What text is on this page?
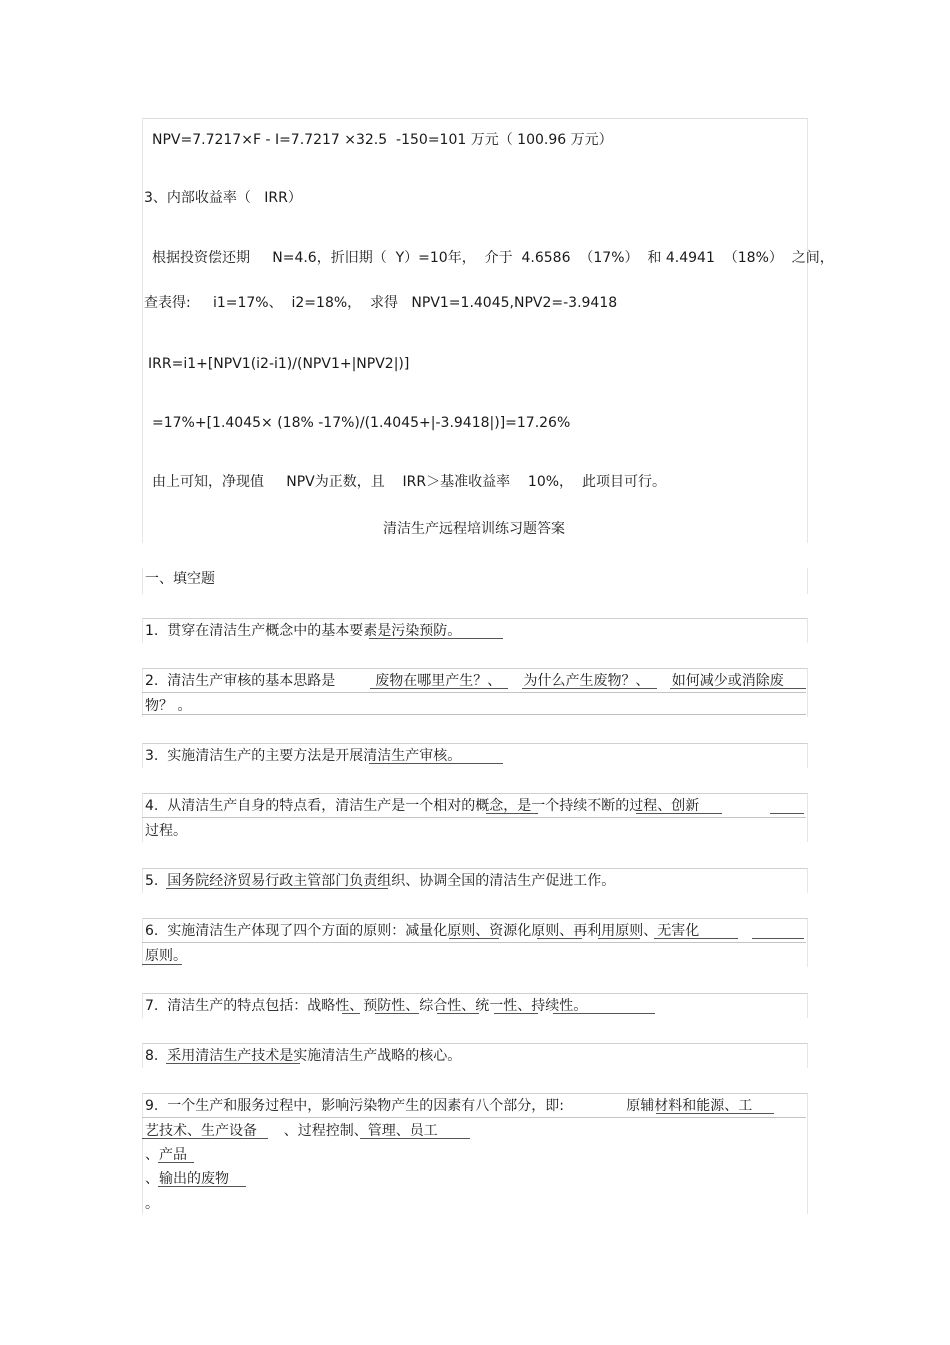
NPV=7.7217×F - I=7.7217 ×32.5  -150=101 万元（ 100.96 万元）
3、内部收益率（   IRR）
根据投资偿还期     N=4.6，折旧期（  Y）=10年，  介于  4.6586  （17%）  和 4.4941  （18%）  之间，
查表得:     i1=17%、  i2=18%，  求得   NPV1=1.4045,NPV2=-3.9418
IRR=i1+[NPV1(i2-i1)/(NPV1+|NPV2|)]
=17%+[1.4045× (18% -17%)/(1.4045+|-3.9418|)]=17.26%
由上可知，净现值     NPV为正数，且    IRR＞基准收益率    10%，  此项目可行。
清洁生产远程培训练习题答案
一、填空题
1.  贯穿在清洁生产概念中的基本要素是污染预防。
2.  清洁生产审核的基本思路是         废物在哪里产生？、     为什么产生废物？、     如何减少或消除废
物？ 。
3.  实施清洁生产的主要方法是开展清洁生产审核。
4.  从清洁生产自身的特点看，清洁生产是一个相对的概念，是一个持续不断的过程、创新
过程。
5.  国务院经济贸易行政主管部门负责组织、协调全国的清洁生产促进工作。
6.  实施清洁生产体现了四个方面的原则：减量化原则、资源化原则、再利用原则、无害化
原则。
7.  清洁生产的特点包括：战略性、预防性、综合性、统一性、持续性。
8.  采用清洁生产技术是实施清洁生产战略的核心。
9.  一个生产和服务过程中，影响污染物产生的因素有八个部分，即:              原辅材料和能源、工
艺技术、生产设备      、过程控制、管理、员工
、产品
、输出的废物
。
